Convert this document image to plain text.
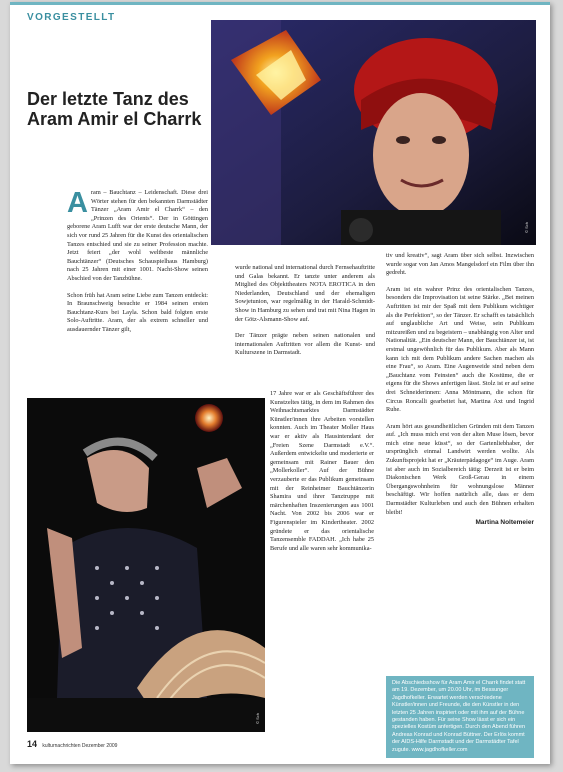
VORGESTELLT
© Sch
Der letzte Tanz des Aram Amir el Charrk

Aram – Bauchtanz – Leidenschaft. Diese drei Wörter stehen für den bekannten Darmstädter Tänzer „Aram Amir el Charrk“ – den „Prinzen des Orients“. Der in Göttingen geborene Aram Lufft war der erste deutsche Mann, der sich vor rund 25 Jahren für die Kunst des orientalischen Tanzes entschied und sie zu seiner Profession machte. Jetzt feiert „der wohl weltbeste männliche Bauchtänzer“ (Deutsches Schauspielhaus Hamburg) nach 25 Jahren mit einer 1001. Nacht-Show seinen Abschied von der Tanzbühne.

Schon früh hat Aram seine Liebe zum Tanzen entdeckt: In Braunschweig besuchte er 1984 seinen ersten Bauchtanz-Kurs bei Layla. Schon bald folgten erste Solo-Auftritte. Aram, der als extrem schneller und ausdauernder Tänzer gilt,

wurde national und international durch Fernsehauftritte und Galas bekannt. Er tanzte unter anderem als Mitglied des Objekttheaters NOTA EROTICA in den Niederlanden, Deutschland und der ehemaligen Sowjetunion, war regelmäßig in der Harald-Schmidt-Show in Hamburg zu sehen und trat mit Nina Hagen in der Götz-Alsmann-Show auf.

Der Tänzer prägte neben seinen nationalen und internationalen Auftritten vor allem die Kunst- und Kulturszene in Darmstadt.

© Sch

17 Jahre war er als Geschäftsführer des Kunstzeltes tätig, in dem im Rahmen des Weihnachtsmarktes Darmstädter Künstler/innen ihre Arbeiten vorstellen konnten. Auch im Theater Moller Haus war er aktiv als Hausintendant der „Freien Szene Darmstadt e.V.“. Außerdem entwickelte und moderierte er gemeinsam mit Rainer Bauer den „Mollerkoller“. Auf der Bühne verzauberte er das Publikum gemeinsam mit der Reinheimer Bauchtänzerin Shamira und ihrer Tanztruppe mit märchenhaften Inszenierungen aus 1001 Nacht. Von 2002 bis 2006 war er Figurenspieler im Kindertheater. 2002 gründete er das orientalische Tanzensemble FADDAH. „Ich habe 25 Berufe und alle waren sehr kommunika-

tiv und kreativ“, sagt Aram über sich selbst. Inzwischen wurde sogar von Jan Amos Mangelsdorf ein Film über ihn gedreht.

Aram ist ein wahrer Prinz des orientalischen Tanzes, besonders die Improvisation ist seine Stärke. „Bei meinen Auftritten ist mir der Spaß mit dem Publikum wichtiger als die Perfektion“, so der Tänzer. Er schafft es tatsächlich auf unglaubliche Art und Weise, sein Publikum mitzureißen und zu begeistern – unabhängig von Alter und Nationalität. „Ein deutscher Mann, der Bauchtänzer ist, ist erstmal ungewöhnlich für das Publikum. Aber als Mann kann ich mit dem Publikum andere Sachen machen als eine Frau“, so Aram. Eine Augenweide sind neben dem „Bauchtanz vom Feinsten“ auch die Kostüme, die er eigens für die Shows anfertigen lässt. Stolz ist er auf seine drei Schneiderinnen: Anna Möntmann, die schon für Circus Roncalli gearbeitet hat, Martina Axt und Ingrid Ruhe.

Aram hört aus gesundheitlichen Gründen mit dem Tanzen auf. „Ich muss mich erst von der alten Muse lösen, bevor mich eine neue küsst“, so der Gartenliebhaber, der ursprünglich einmal Landwirt werden wollte. Als Zukunftsprojekt hat er „Kräuterpädagoge“ im Auge. Aram ist aber auch im Sozialbereich tätig: Derzeit ist er beim Diakonischen Werk Groß-Gerau in einem Übergangswohnheim für wohnungslose Männer beschäftigt. Wir hoffen natürlich alle, dass er dem Darmstädter Kulturleben und auch den Bühnen erhalten bleibt!

Martina Noltemeier
Die Abschiedsshow für Aram Amir el Charrk findet statt am 19. Dezember, um 20.00 Uhr, im Bessunger Jagdhofkeller. Erwartet werden verschiedene Künstler/innen und Freunde, die den Künstler in den letzten 25 Jahren inspiriert oder mit ihm auf der Bühne gestanden haben. Für seine Show lässt er sich ein spezielles Kostüm anfertigen. Durch den Abend führen Andreas Konrad und Konrad Büttner. Der Erlös kommt der AIDS-Hilfe Darmstadt und der Darmstädter Tafel zugute. www.jagdhofkeller.com
14 kulturnachrichten Dezember 2009
